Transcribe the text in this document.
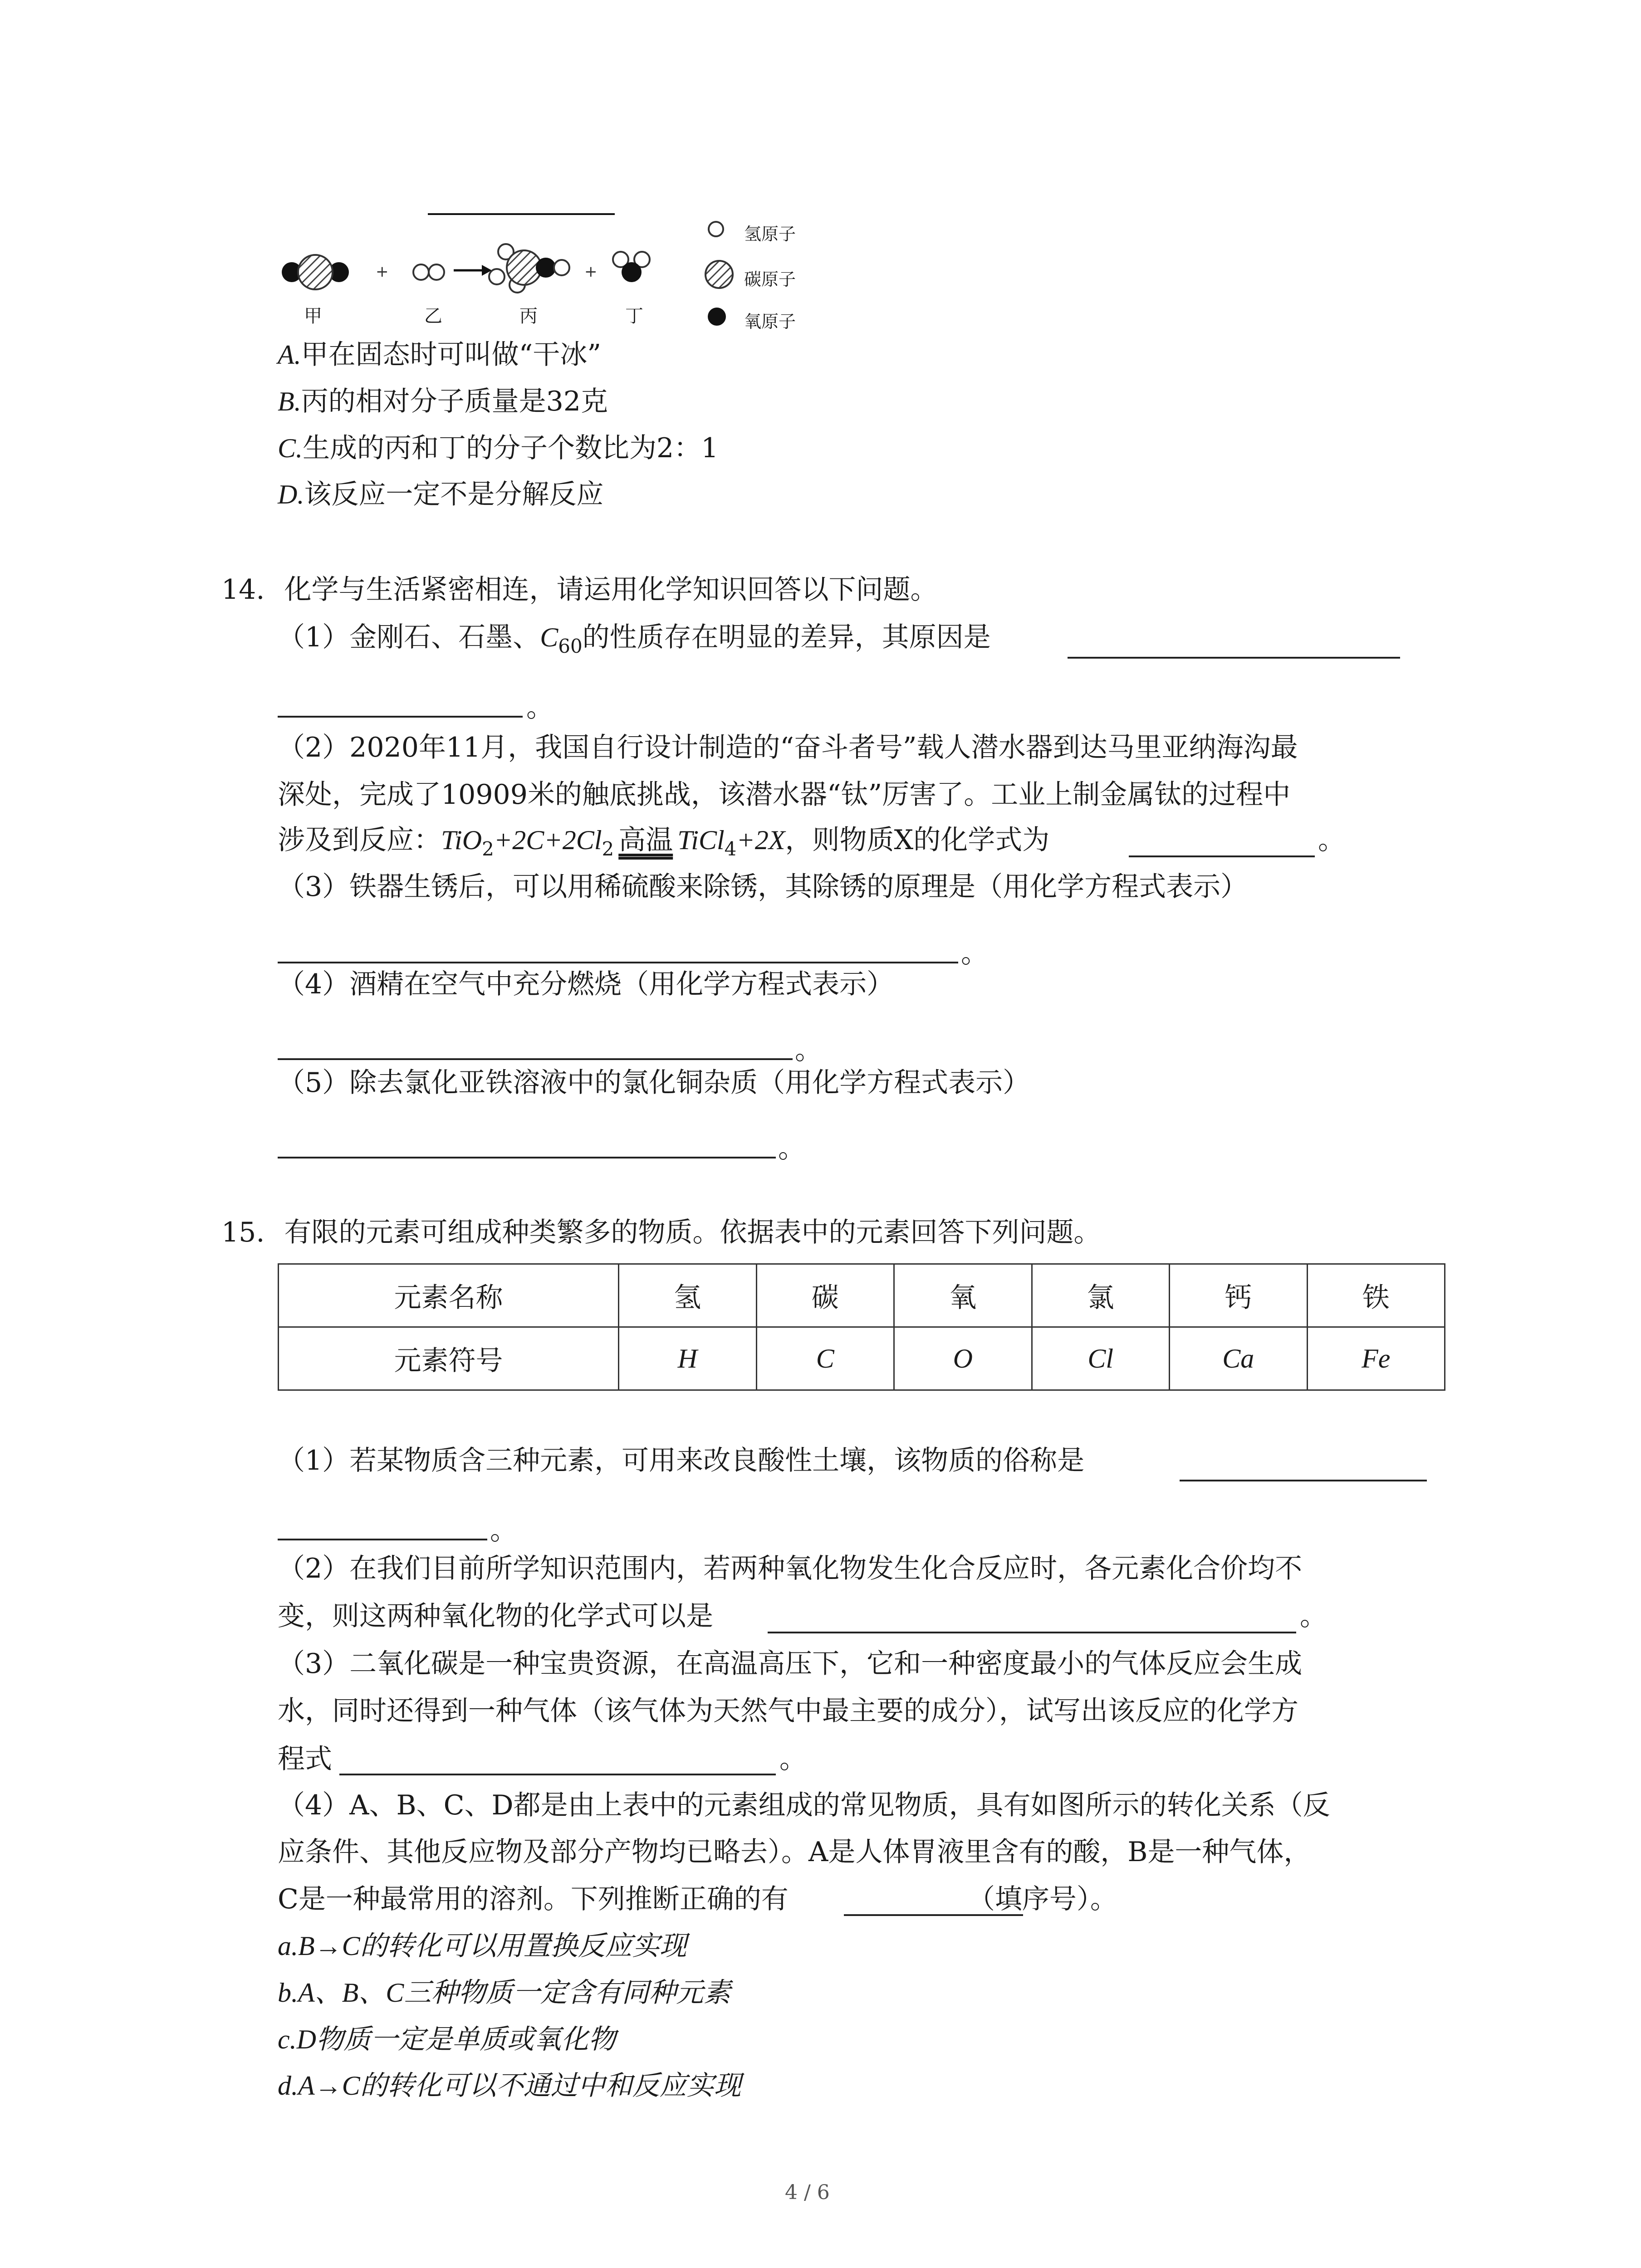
+	+
甲	乙	丙	丁
氢原子
碳原子
氧原子
A.甲在固态时可叫做“干冰”
B.丙的相对分子质量是32克
C.生成的丙和丁的分子个数比为2：1
D.该反应一定不是分解反应
14. 化学与生活紧密相连，请运用化学知识回答以下问题。
（1）金刚石、石墨、$C_{60}$的性质存在明显的差异，其原因是
。
（2）2020年11月，我国自行设计制造的“奋斗者号”载人潜水器到达马里亚纳海沟最
深处，完成了10909米的触底挑战，该潜水器“钛”厉害了。工业上制金属钛的过程中
涉及到反应：$TiO_2+2C+2Cl_2$ 高温 TiCl$_4$+2X，则物质X的化学式为	。
（3）铁器生锈后，可以用稀硫酸来除锈，其除锈的原理是（用化学方程式表示）
。
（4）酒精在空气中充分燃烧（用化学方程式表示）
。
（5）除去氯化亚铁溶液中的氯化铜杂质（用化学方程式表示）
。
15. 有限的元素可组成种类繁多的物质。依据表中的元素回答下列问题。
元素名称	氢	碳	氧	氯	钙	铁
元素符号	H	C	O	Cl	Ca	Fe
（1）若某物质含三种元素，可用来改良酸性土壤，该物质的俗称是
。
（2）在我们目前所学知识范围内，若两种氧化物发生化合反应时，各元素化合价均不
变，则这两种氧化物的化学式可以是	。
（3）二氧化碳是一种宝贵资源，在高温高压下，它和一种密度最小的气体反应会生成
水，同时还得到一种气体（该气体为天然气中最主要的成分），试写出该反应的化学方
程式	。
（4）A、B、C、D都是由上表中的元素组成的常见物质，具有如图所示的转化关系（反
应条件、其他反应物及部分产物均已略去）。A是人体胃液里含有的酸，B是一种气体，
C是一种最常用的溶剂。下列推断正确的有	（填序号）。
a.B→C的转化可以用置换反应实现
b.A、B、C三种物质一定含有同种元素
c.D物质一定是单质或氧化物
d.A→C的转化可以不通过中和反应实现
4 / 6
